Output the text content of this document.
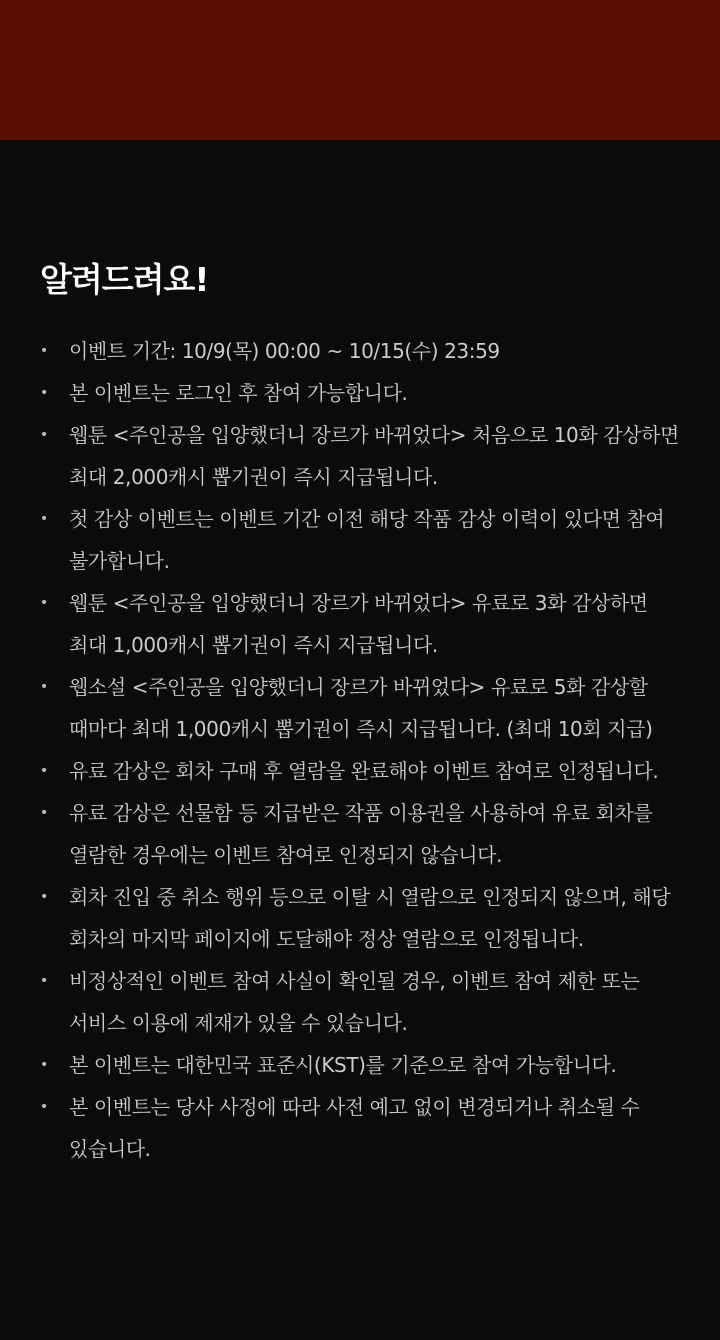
알려드려요!
• 이벤트 기간: 10/9(목) 00:00 ~ 10/15(수) 23:59
• 본 이벤트는 로그인 후 참여 가능합니다.
• 웹툰 <주인공을 입양했더니 장르가 바뀌었다> 처음으로 10화 감상하면
최대 2,000캐시 뽑기권이 즉시 지급됩니다.
• 첫 감상 이벤트는 이벤트 기간 이전 해당 작품 감상 이력이 있다면 참여
불가합니다.
• 웹툰 <주인공을 입양했더니 장르가 바뀌었다> 유료로 3화 감상하면
최대 1,000캐시 뽑기권이 즉시 지급됩니다.
• 웹소설 <주인공을 입양했더니 장르가 바뀌었다> 유료로 5화 감상할
때마다 최대 1,000캐시 뽑기권이 즉시 지급됩니다. (최대 10회 지급)
• 유료 감상은 회차 구매 후 열람을 완료해야 이벤트 참여로 인정됩니다.
• 유료 감상은 선물함 등 지급받은 작품 이용권을 사용하여 유료 회차를
열람한 경우에는 이벤트 참여로 인정되지 않습니다.
• 회차 진입 중 취소 행위 등으로 이탈 시 열람으로 인정되지 않으며, 해당
회차의 마지막 페이지에 도달해야 정상 열람으로 인정됩니다.
• 비정상적인 이벤트 참여 사실이 확인될 경우, 이벤트 참여 제한 또는
서비스 이용에 제재가 있을 수 있습니다.
• 본 이벤트는 대한민국 표준시(KST)를 기준으로 참여 가능합니다.
• 본 이벤트는 당사 사정에 따라 사전 예고 없이 변경되거나 취소될 수
있습니다.
